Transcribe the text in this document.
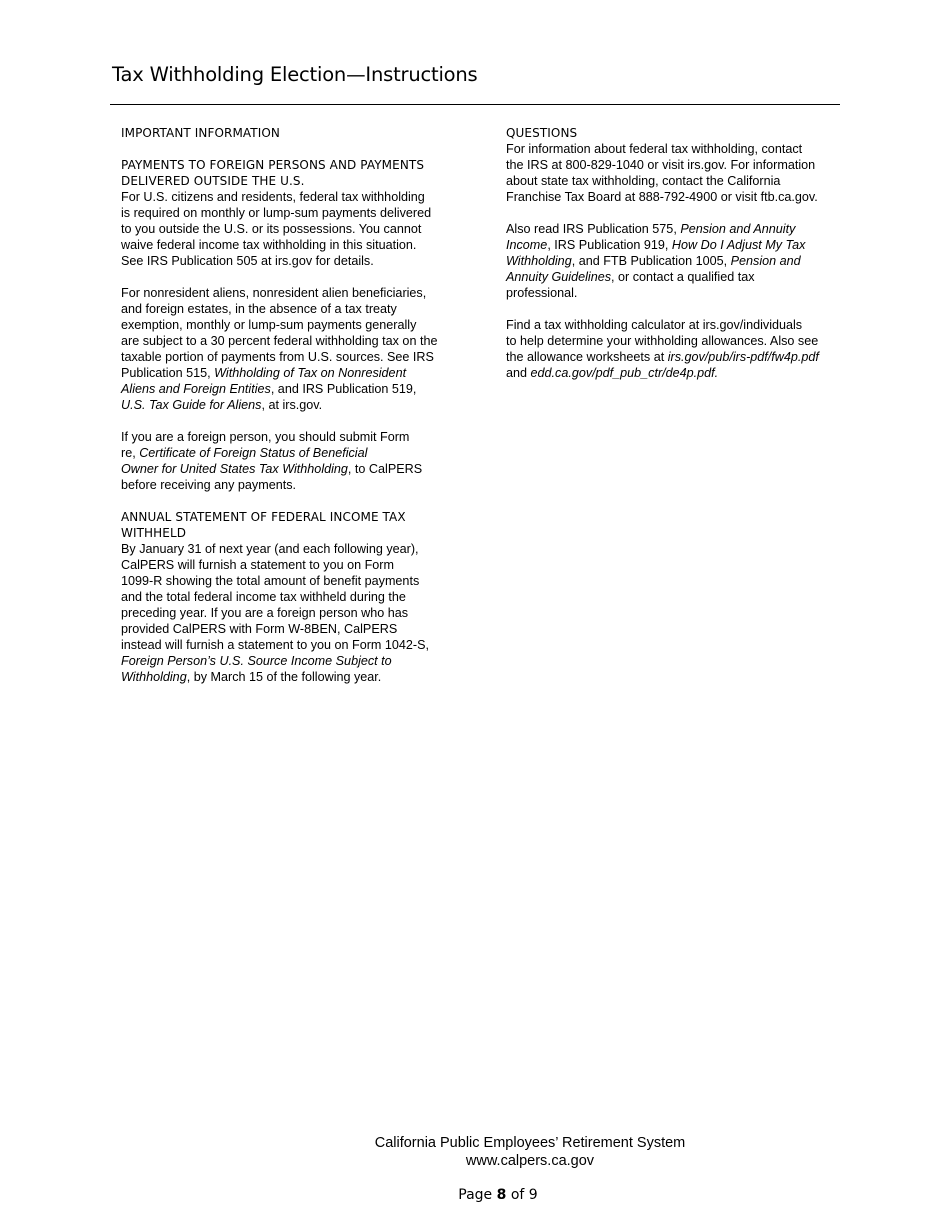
Tax Withholding Election—Instructions
IMPORTANT INFORMATION
PAYMENTS TO FOREIGN PERSONS AND PAYMENTS
DELIVERED OUTSIDE THE U.S.
For U.S. citizens and residents, federal tax withholding
is required on monthly or lump-sum payments delivered
to you outside the U.S. or its possessions. You cannot
waive federal income tax withholding in this situation.
See IRS Publication 505 at irs.gov for details.
For nonresident aliens, nonresident alien beneficiaries,
and foreign estates, in the absence of a tax treaty
exemption, monthly or lump-sum payments generally
are subject to a 30 percent federal withholding tax on the
taxable portion of payments from U.S. sources. See IRS
Publication 515, Withholding of Tax on Nonresident
Aliens and Foreign Entities, and IRS Publication 519,
U.S. Tax Guide for Aliens, at irs.gov.
If you are a foreign person, you should submit Form
re, Certificate of Foreign Status of Beneficial
Owner for United States Tax Withholding, to CalPERS
before receiving any payments.
ANNUAL STATEMENT OF FEDERAL INCOME TAX
WITHHELD
By January 31 of next year (and each following year),
CalPERS will furnish a statement to you on Form
1099-R showing the total amount of benefit payments
and the total federal income tax withheld during the
preceding year. If you are a foreign person who has
provided CalPERS with Form W-8BEN, CalPERS
instead will furnish a statement to you on Form 1042-S,
Foreign Person’s U.S. Source Income Subject to
Withholding, by March 15 of the following year.
QUESTIONS
For information about federal tax withholding, contact
the IRS at 800-829-1040 or visit irs.gov. For information
about state tax withholding, contact the California
Franchise Tax Board at 888-792-4900 or visit ftb.ca.gov.
Also read IRS Publication 575, Pension and Annuity
Income, IRS Publication 919, How Do I Adjust My Tax
Withholding, and FTB Publication 1005, Pension and
Annuity Guidelines, or contact a qualified tax
professional.
Find a tax withholding calculator at irs.gov/individuals
to help determine your withholding allowances. Also see
the allowance worksheets at irs.gov/pub/irs-pdf/fw4p.pdf
and edd.ca.gov/pdf_pub_ctr/de4p.pdf.
California Public Employees’ Retirement System
www.calpers.ca.gov
Page 8 of 9
